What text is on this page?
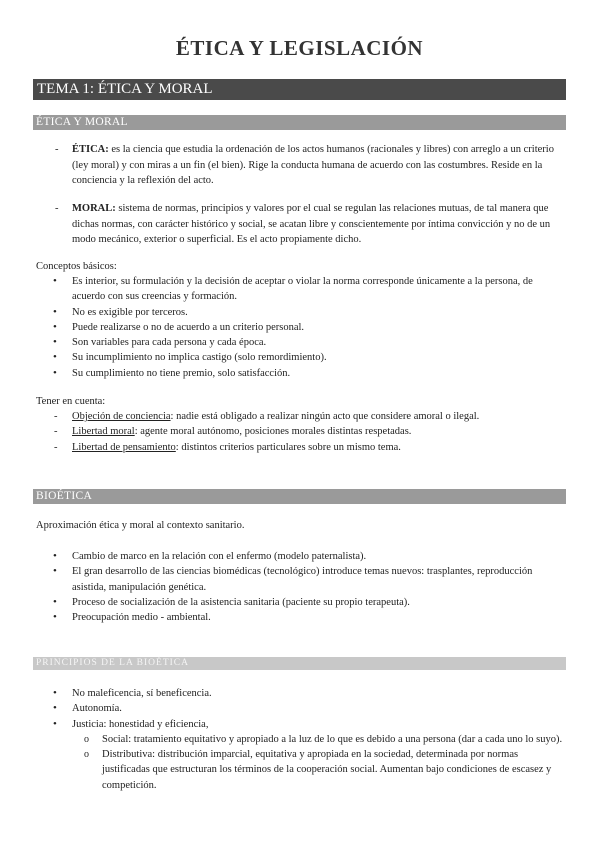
ÉTICA Y LEGISLACIÓN
TEMA 1: ÉTICA Y MORAL
ÉTICA Y MORAL
- ÉTICA: es la ciencia que estudia la ordenación de los actos humanos (racionales y libres) con arreglo a un criterio (ley moral) y con miras a un fin (el bien). Rige la conducta humana de acuerdo con las costumbres. Reside en la conciencia y la reflexión del acto.
- MORAL: sistema de normas, principios y valores por el cual se regulan las relaciones mutuas, de tal manera que dichas normas, con carácter histórico y social, se acatan libre y conscientemente por íntima convicción y no de un modo mecánico, exterior o superficial. Es el acto propiamente dicho.
Conceptos básicos:
• Es interior, su formulación y la decisión de aceptar o violar la norma corresponde únicamente a la persona, de acuerdo con sus creencias y formación.
• No es exigible por terceros.
• Puede realizarse o no de acuerdo a un criterio personal.
• Son variables para cada persona y cada época.
• Su incumplimiento no implica castigo (solo remordimiento).
• Su cumplimiento no tiene premio, solo satisfacción.
Tener en cuenta:
- Objeción de conciencia: nadie está obligado a realizar ningún acto que considere amoral o ilegal.
- Libertad moral: agente moral autónomo, posiciones morales distintas respetadas.
- Libertad de pensamiento: distintos criterios particulares sobre un mismo tema.
BIOÉTICA
Aproximación ética y moral al contexto sanitario.
• Cambio de marco en la relación con el enfermo (modelo paternalista).
• El gran desarrollo de las ciencias biomédicas (tecnológico) introduce temas nuevos: trasplantes, reproducción asistida, manipulación genética.
• Proceso de socialización de la asistencia sanitaria (paciente su propio terapeuta).
• Preocupación medio - ambiental.
PRINCIPIOS DE LA BIOÉTICA
• No maleficencia, sí beneficencia.
• Autonomía.
• Justicia: honestidad y eficiencia,
o Social: tratamiento equitativo y apropiado a la luz de lo que es debido a una persona (dar a cada uno lo suyo).
o Distributiva: distribución imparcial, equitativa y apropiada en la sociedad, determinada por normas justificadas que estructuran los términos de la cooperación social. Aumentan bajo condiciones de escasez y competición.
